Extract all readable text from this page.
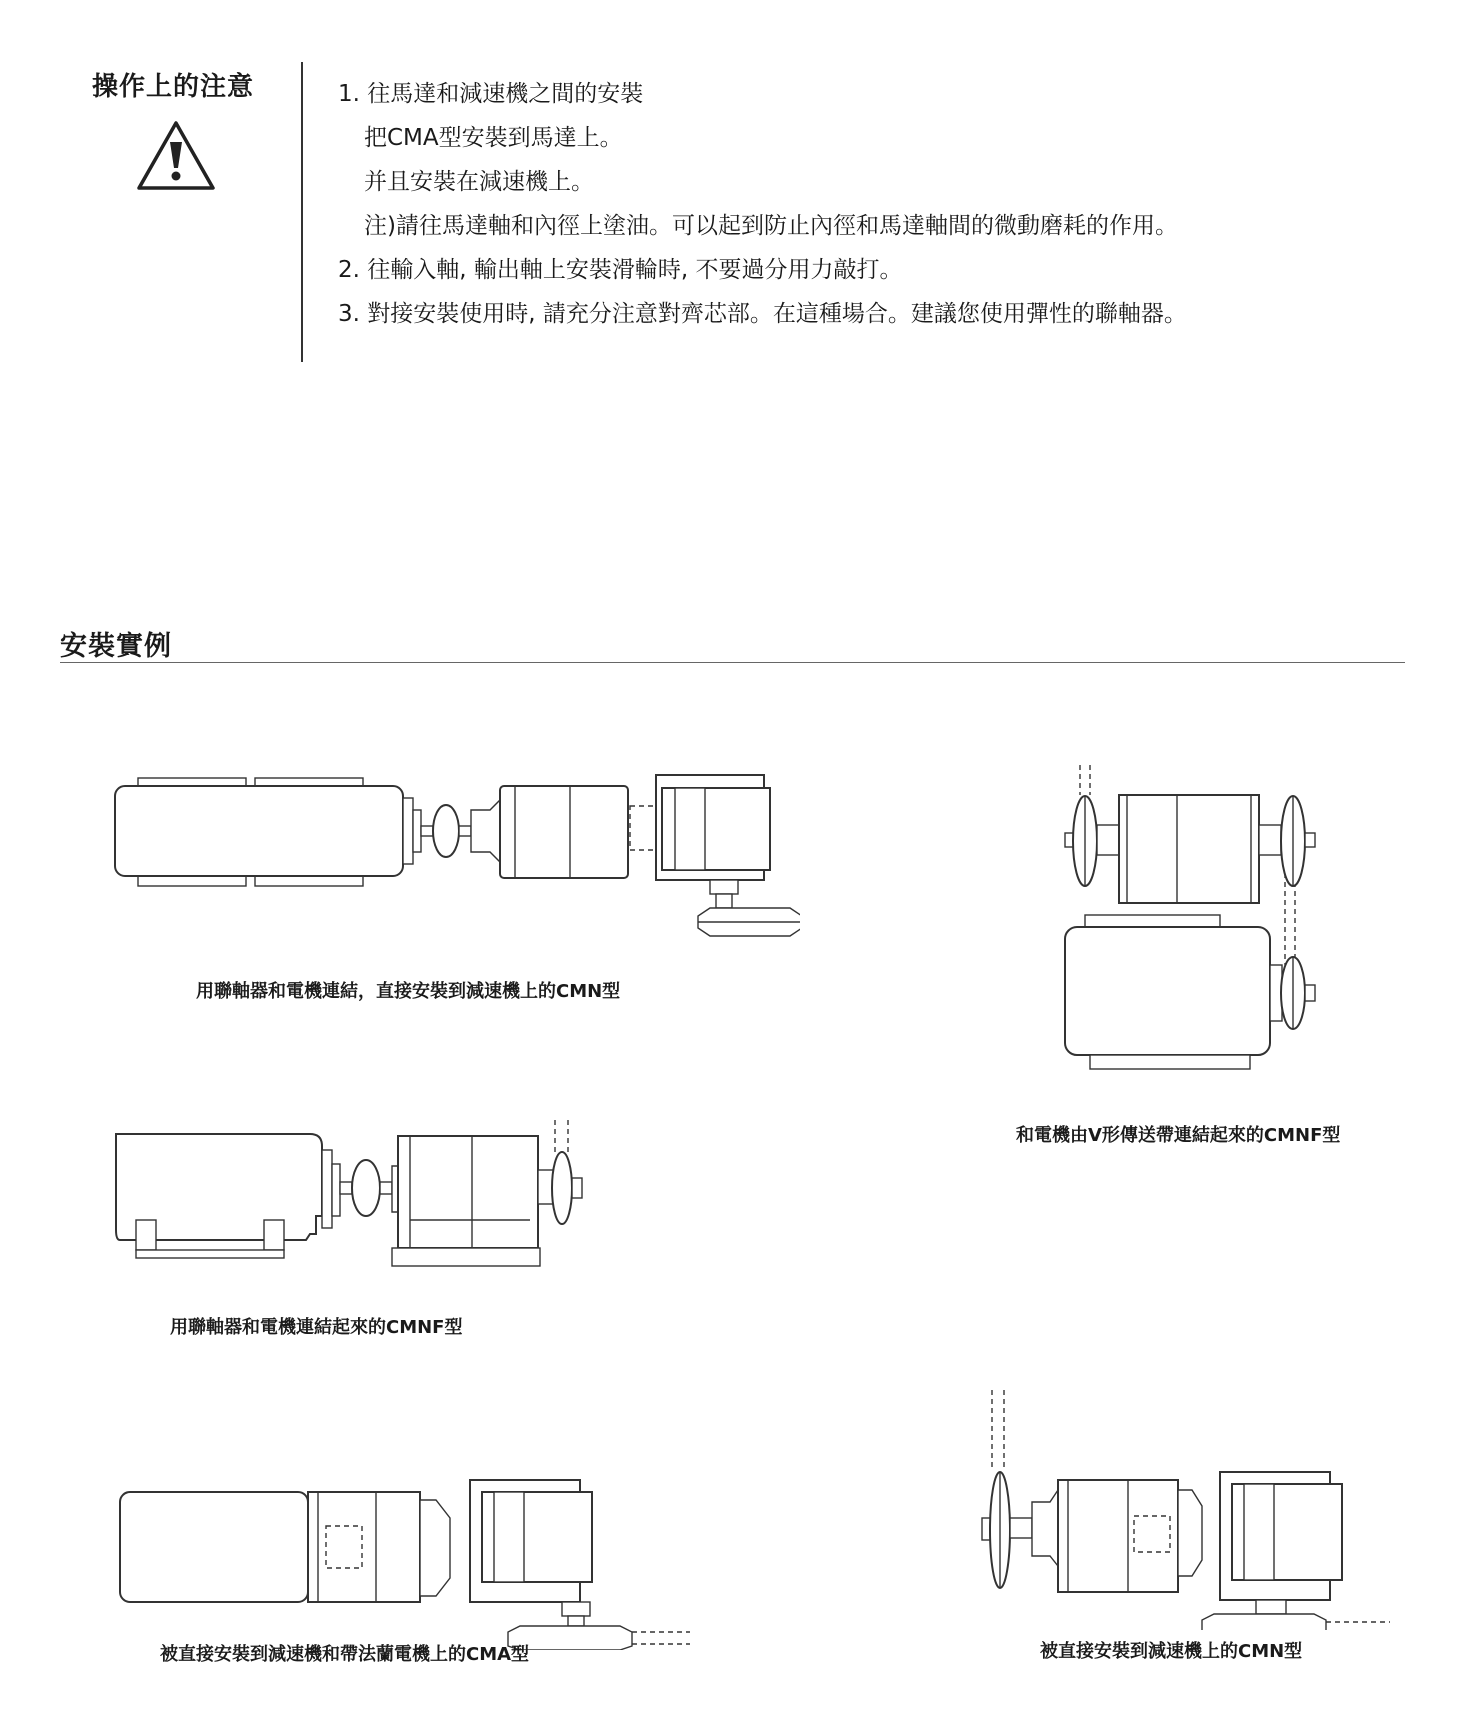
操作上的注意	1. 往馬達和減速機之間的安裝
把CMA型安裝到馬達上。
并且安裝在減速機上。
注)請往馬達軸和內徑上塗油。可以起到防止內徑和馬達軸間的微動磨耗的作用。
2. 往輸入軸, 輸出軸上安裝滑輪時, 不要過分用力敲打。
3. 對接安裝使用時, 請充分注意對齊芯部。在這種場合。建議您使用彈性的聯軸器。
安裝實例
用聯軸器和電機連結，直接安裝到減速機上的CMN型
和電機由V形傳送帶連結起來的CMNF型
用聯軸器和電機連結起來的CMNF型
被直接安裝到減速機和帶法蘭電機上的CMA型	被直接安裝到減速機上的CMN型
